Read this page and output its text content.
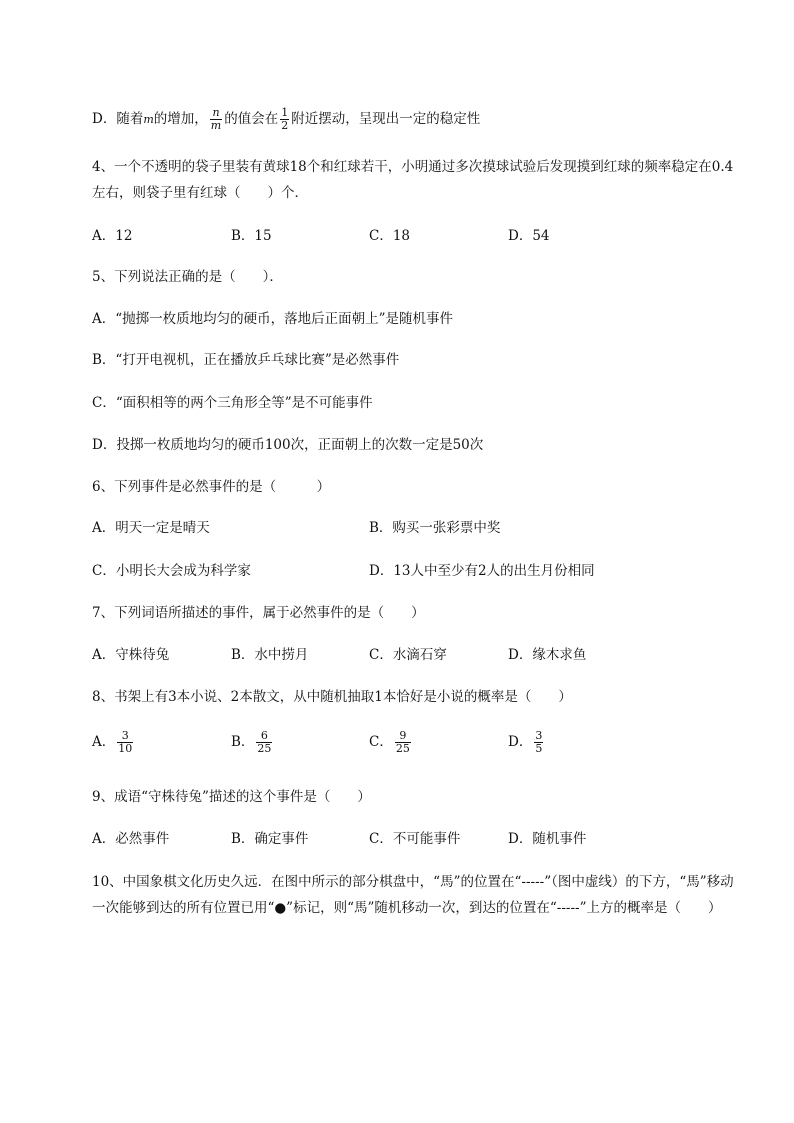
D．随着m的增加， $\frac{n}{m}$ 的值会在 $\frac{1}{2}$ 附近摆动，呈现出一定的稳定性
4、一个不透明的袋子里装有黄球18个和红球若干，小明通过多次摸球试验后发现摸到红球的频率稳定在0.4左右，则袋子里有红球（　　）个．
A．12	B．15	C．18	D．54
5、下列说法正确的是（　　）．
A．“抛掷一枚质地均匀的硬币，落地后正面朝上”是随机事件
B．“打开电视机，正在播放乒乓球比赛”是必然事件
C．“面积相等的两个三角形全等”是不可能事件
D．投掷一枚质地均匀的硬币100次，正面朝上的次数一定是50次
6、下列事件是必然事件的是（　　　）
A．明天一定是晴天	B．购买一张彩票中奖
C．小明长大会成为科学家	D．13人中至少有2人的出生月份相同
7、下列词语所描述的事件，属于必然事件的是（　　）
A．守株待兔	B．水中捞月	C．水滴石穿	D．缘木求鱼
8、书架上有3本小说、2本散文，从中随机抽取1本恰好是小说的概率是（　　）
A． $\frac{3}{10}$	B． $\frac{6}{25}$	C． $\frac{9}{25}$	D． $\frac{3}{5}$
9、成语“守株待兔”描述的这个事件是（　　）
A．必然事件	B．确定事件	C．不可能事件	D．随机事件
10、中国象棋文化历史久远．在图中所示的部分棋盘中，“馬”的位置在“-----”（图中虚线）的下方，“馬”移动一次能够到达的所有位置已用“●”标记，则“馬”随机移动一次，到达的位置在“-----”上方的概率是（　　）
